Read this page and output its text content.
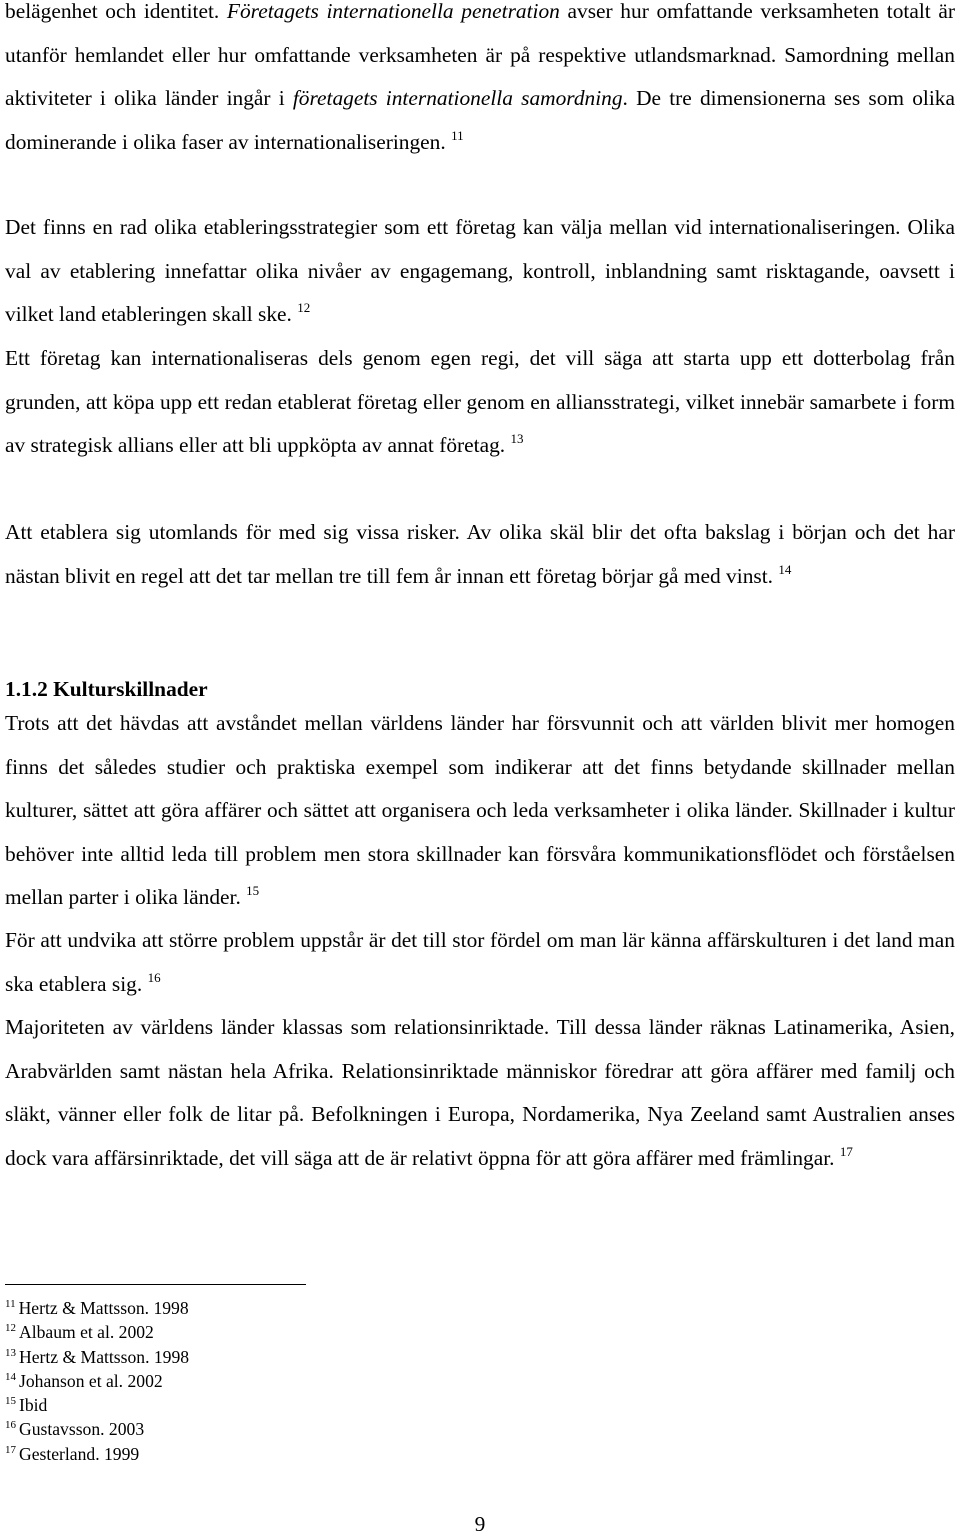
belägenhet och identitet. Företagets internationella penetration avser hur omfattande verksamheten totalt är utanför hemlandet eller hur omfattande verksamheten är på respektive utlandsmarknad. Samordning mellan aktiviteter i olika länder ingår i företagets internationella samordning. De tre dimensionerna ses som olika dominerande i olika faser av internationaliseringen. $^{11}$

Det finns en rad olika etableringsstrategier som ett företag kan välja mellan vid internationaliseringen. Olika val av etablering innefattar olika nivåer av engagemang, kontroll, inblandning samt risktagande, oavsett i vilket land etableringen skall ske. $^{12}$

Ett företag kan internationaliseras dels genom egen regi, det vill säga att starta upp ett dotterbolag från grunden, att köpa upp ett redan etablerat företag eller genom en alliansstrategi, vilket innebär samarbete i form av strategisk allians eller att bli uppköpta av annat företag. $^{13}$

Att etablera sig utomlands för med sig vissa risker. Av olika skäl blir det ofta bakslag i början och det har nästan blivit en regel att det tar mellan tre till fem år innan ett företag börjar gå med vinst. $^{14}$

1.1.2 Kulturskillnader

Trots att det hävdas att avståndet mellan världens länder har försvunnit och att världen blivit mer homogen finns det således studier och praktiska exempel som indikerar att det finns betydande skillnader mellan kulturer, sättet att göra affärer och sättet att organisera och leda verksamheter i olika länder. Skillnader i kultur behöver inte alltid leda till problem men stora skillnader kan försvåra kommunikationsflödet och förståelsen mellan parter i olika länder. $^{15}$

För att undvika att större problem uppstår är det till stor fördel om man lär känna affärskulturen i det land man ska etablera sig. $^{16}$

Majoriteten av världens länder klassas som relationsinriktade. Till dessa länder räknas Latinamerika, Asien, Arabvärlden samt nästan hela Afrika. Relationsinriktade människor föredrar att göra affärer med familj och släkt, vänner eller folk de litar på. Befolkningen i Europa, Nordamerika, Nya Zeeland samt Australien anses dock vara affärsinriktade, det vill säga att de är relativt öppna för att göra affärer med främlingar. $^{17}$

$^{11}$ Hertz & Mattsson. 1998
$^{12}$ Albaum et al. 2002
$^{13}$ Hertz & Mattsson. 1998
$^{14}$ Johanson et al. 2002
$^{15}$ Ibid
$^{16}$ Gustavsson. 2003
$^{17}$ Gesterland. 1999
9
